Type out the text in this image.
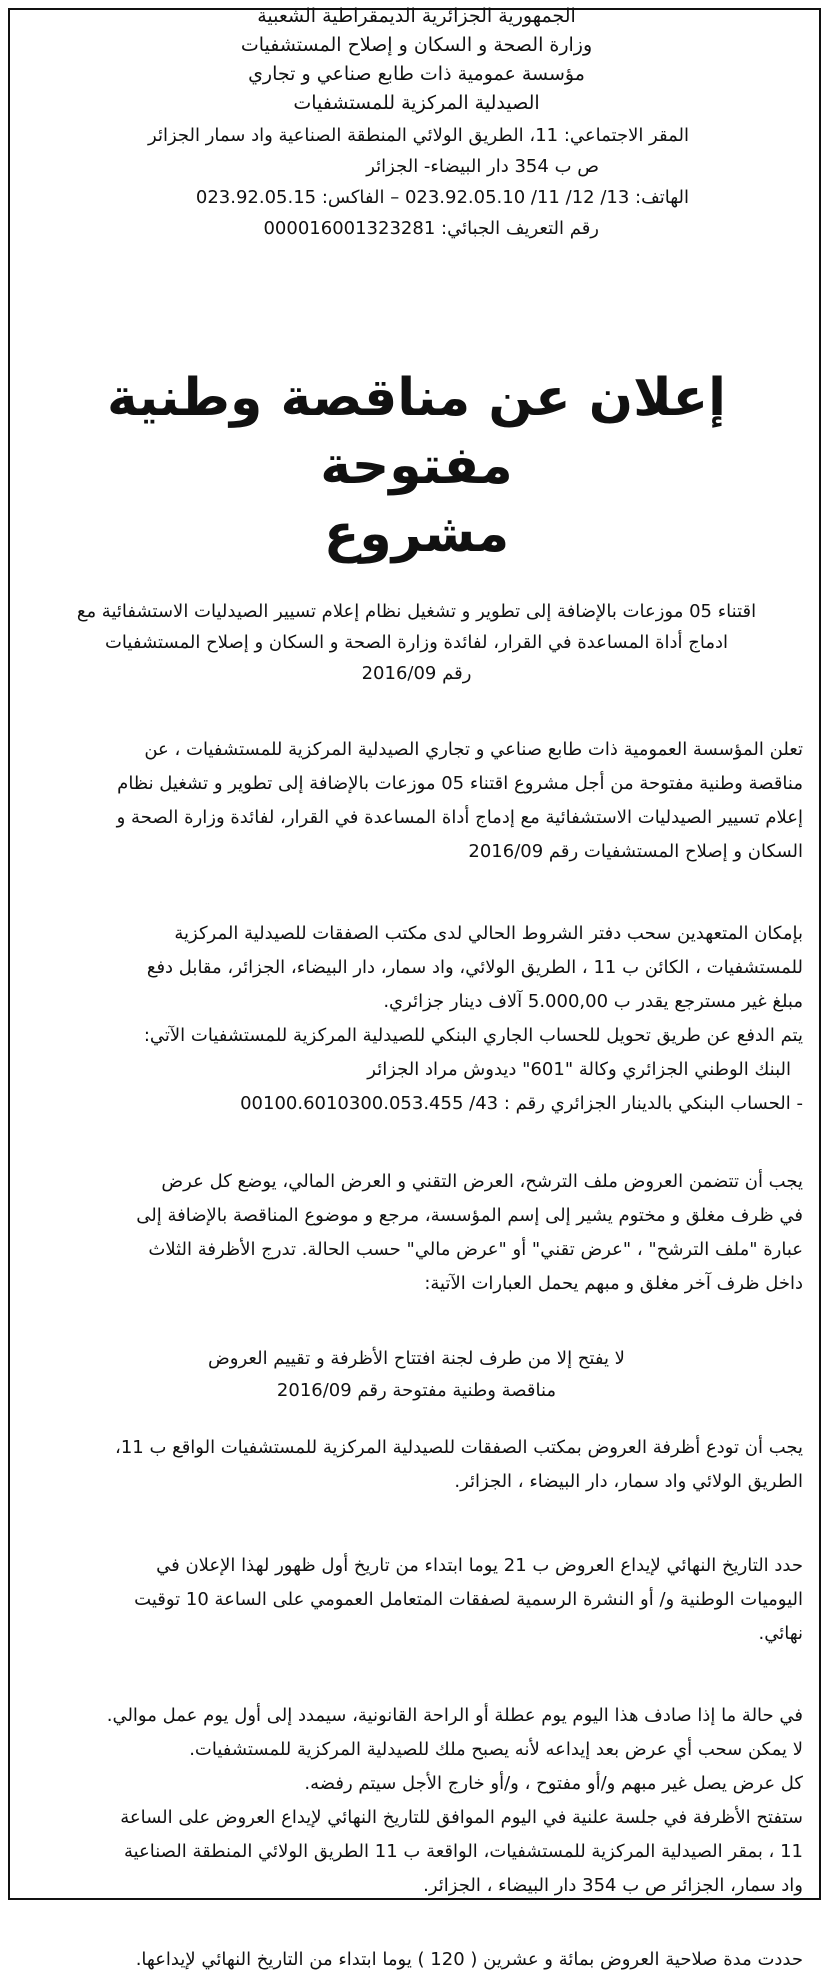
الجمهورية الجزائرية الديمقراطية الشعبية
وزارة الصحة و السكان و إصلاح المستشفيات
مؤسسة عمومية ذات طابع صناعي و تجاري
الصيدلية المركزية للمستشفيات
المقر الاجتماعي: 11، الطريق الولائي المنطقة الصناعية واد سمار الجزائر
ص ب 354 دار البيضاء- الجزائر
الهاتف: 13/ 12/ 11/ 023.92.05.10 – الفاكس: 023.92.05.15
رقم التعريف الجبائي: 000016001323281
إعلان عن مناقصة وطنية مفتوحة
مشروع
اقتناء 05 موزعات بالإضافة إلى تطوير و تشغيل نظام إعلام تسيير الصيدليات الاستشفائية مع
ادماج أداة المساعدة في القرار، لفائدة وزارة الصحة و السكان و إصلاح المستشفيات
رقم 2016/09
تعلن المؤسسة العمومية ذات طابع صناعي و تجاري الصيدلية المركزية للمستشفيات ، عن
مناقصة وطنية مفتوحة من أجل مشروع اقتناء 05 موزعات بالإضافة إلى تطوير و تشغيل نظام
إعلام تسيير الصيدليات الاستشفائية مع إدماج أداة المساعدة في القرار، لفائدة وزارة الصحة و
السكان و إصلاح المستشفيات رقم 2016/09
بإمكان المتعهدين سحب دفتر الشروط الحالي لدى مكتب الصفقات للصيدلية المركزية
للمستشفيات ، الكائن ب 11 ، الطريق الولائي، واد سمار، دار البيضاء، الجزائر، مقابل دفع
مبلغ غير مسترجع يقدر ب 5.000,00 آلاف دينار جزائري.
يتم الدفع عن طريق تحويل للحساب الجاري البنكي للصيدلية المركزية للمستشفيات الآتي:
البنك الوطني الجزائري وكالة "601" ديدوش مراد الجزائر
- الحساب البنكي بالدينار الجزائري رقم : 43/ 00100.6010300.053.455
يجب أن تتضمن العروض ملف الترشح، العرض التقني و العرض المالي، يوضع كل عرض
في ظرف مغلق و مختوم يشير إلى إسم المؤسسة، مرجع و موضوع المناقصة بالإضافة إلى
عبارة "ملف الترشح" ، "عرض تقني" أو "عرض مالي" حسب الحالة. تدرج الأظرفة الثلاث
داخل ظرف آخر مغلق و مبهم يحمل العبارات الآتية:
لا يفتح إلا من طرف لجنة افتتاح الأظرفة و تقييم العروض
مناقصة وطنية مفتوحة رقم 2016/09
يجب أن تودع أظرفة العروض بمكتب الصفقات للصيدلية المركزية للمستشفيات الواقع ب 11،
الطريق الولائي واد سمار، دار البيضاء ، الجزائر.
حدد التاريخ النهائي لإيداع العروض ب 21 يوما ابتداء من تاريخ أول ظهور لهذا الإعلان في
اليوميات الوطنية و/ أو النشرة الرسمية لصفقات المتعامل العمومي على الساعة 10 توقيت
نهائي.
في حالة ما إذا صادف هذا اليوم يوم عطلة أو الراحة القانونية، سيمدد إلى أول يوم عمل موالي.
لا يمكن سحب أي عرض بعد إيداعه لأنه يصبح ملك للصيدلية المركزية للمستشفيات.
كل عرض يصل غير مبهم و/أو مفتوح ، و/أو خارج الأجل سيتم رفضه.
ستفتح الأظرفة في جلسة علنية في اليوم الموافق للتاريخ النهائي لإيداع العروض على الساعة
11 ، بمقر الصيدلية المركزية للمستشفيات، الواقعة ب 11 الطريق الولائي المنطقة الصناعية
واد سمار، الجزائر ص ب 354 دار البيضاء ، الجزائر.
حددت مدة صلاحية العروض بمائة و عشرين ( 120 ) يوما ابتداء من التاريخ النهائي لإيداعها.
